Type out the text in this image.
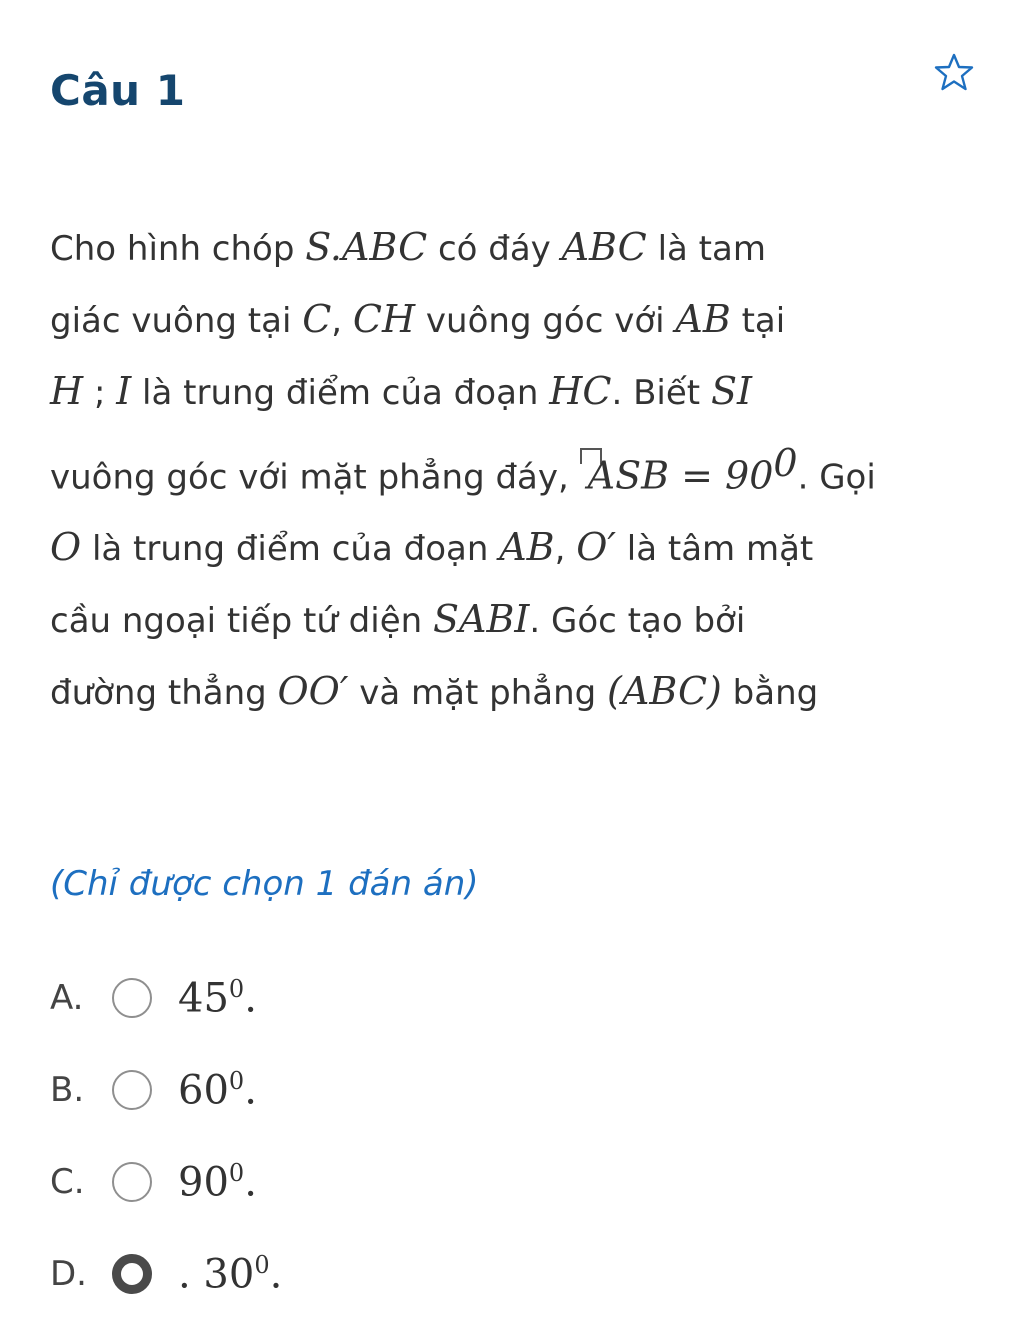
Câu 1
Cho hình chóp S.ABC có đáy ABC là tam
giác vuông tại C, CH vuông góc với AB tại
H ; I là trung điểm của đoạn HC. Biết SI
vuông góc với mặt phẳng đáy, ASB = $90^0$. Gọi
O là trung điểm của đoạn AB, O′ là tâm mặt
cầu ngoại tiếp tứ diện SABI. Góc tạo bởi
đường thẳng OO′ và mặt phẳng (ABC) bằng
(Chỉ được chọn 1 đán án)
A.	$45^0$.
B.	$60^0$.
C.	$90^0$.
D.	. $30^0$.
